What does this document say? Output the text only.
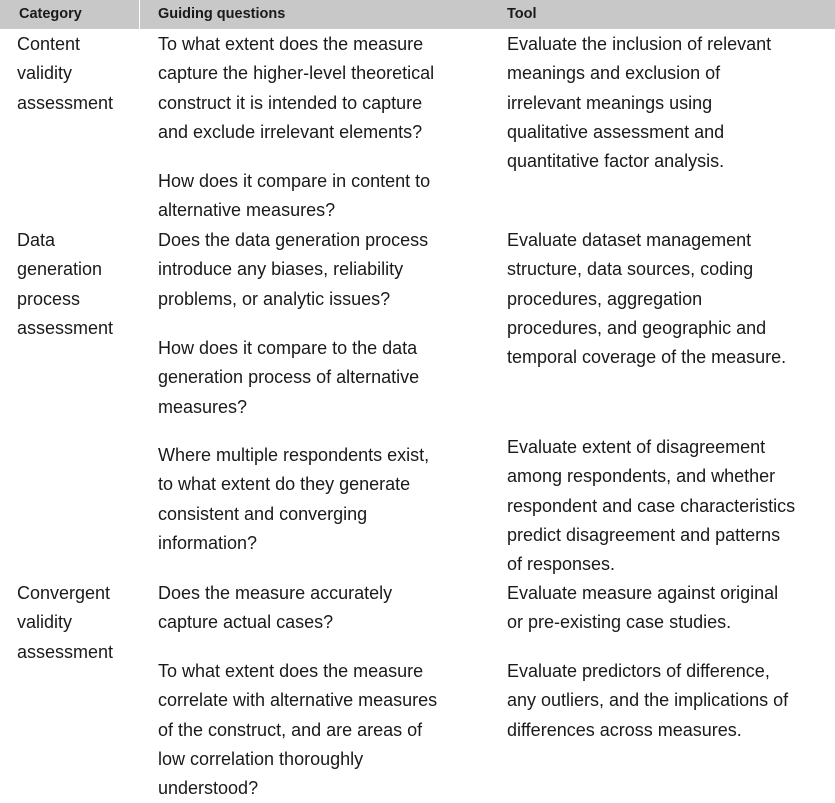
Category	Guiding questions	Tool
Content
validity
assessment
To what extent does the measure
capture the higher-level theoretical
construct it is intended to capture
and exclude irrelevant elements?
How does it compare in content to
alternative measures?
Evaluate the inclusion of relevant
meanings and exclusion of
irrelevant meanings using
qualitative assessment and
quantitative factor analysis.
Data
generation
process
assessment
Does the data generation process
introduce any biases, reliability
problems, or analytic issues?
How does it compare to the data
generation process of alternative
measures?
Where multiple respondents exist,
to what extent do they generate
consistent and converging
information?
Evaluate dataset management
structure, data sources, coding
procedures, aggregation
procedures, and geographic and
temporal coverage of the measure.
Evaluate extent of disagreement
among respondents, and whether
respondent and case characteristics
predict disagreement and patterns
of responses.
Convergent
validity
assessment
Does the measure accurately
capture actual cases?
To what extent does the measure
correlate with alternative measures
of the construct, and are areas of
low correlation thoroughly
understood?
Evaluate measure against original
or pre-existing case studies.
Evaluate predictors of difference,
any outliers, and the implications of
differences across measures.
